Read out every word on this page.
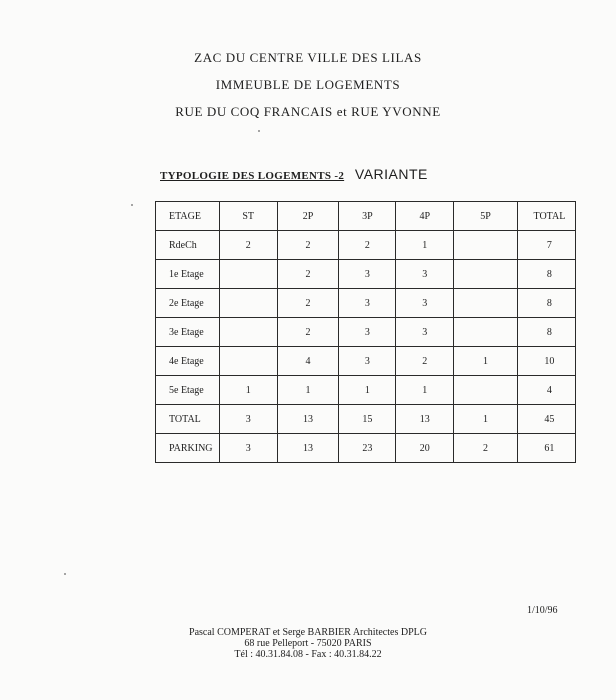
ZAC DU CENTRE VILLE DES LILAS
IMMEUBLE DE LOGEMENTS
RUE DU COQ FRANCAIS et RUE YVONNE
TYPOLOGIE DES LOGEMENTS -2 VARIANTE
ETAGE	ST	2P	3P	4P	5P	TOTAL
RdeCh	2	2	2	1		7
1e Etage		2	3	3		8
2e Etage		2	3	3		8
3e Etage		2	3	3		8
4e Etage		4	3	2	1	10
5e Etage	1	1	1	1		4
TOTAL	3	13	15	13	1	45
PARKING	3	13	23	20	2	61
1/10/96
Pascal COMPERAT et Serge BARBIER Architectes DPLG
68 rue Pelleport - 75020 PARIS
Tél : 40.31.84.08 - Fax : 40.31.84.22
